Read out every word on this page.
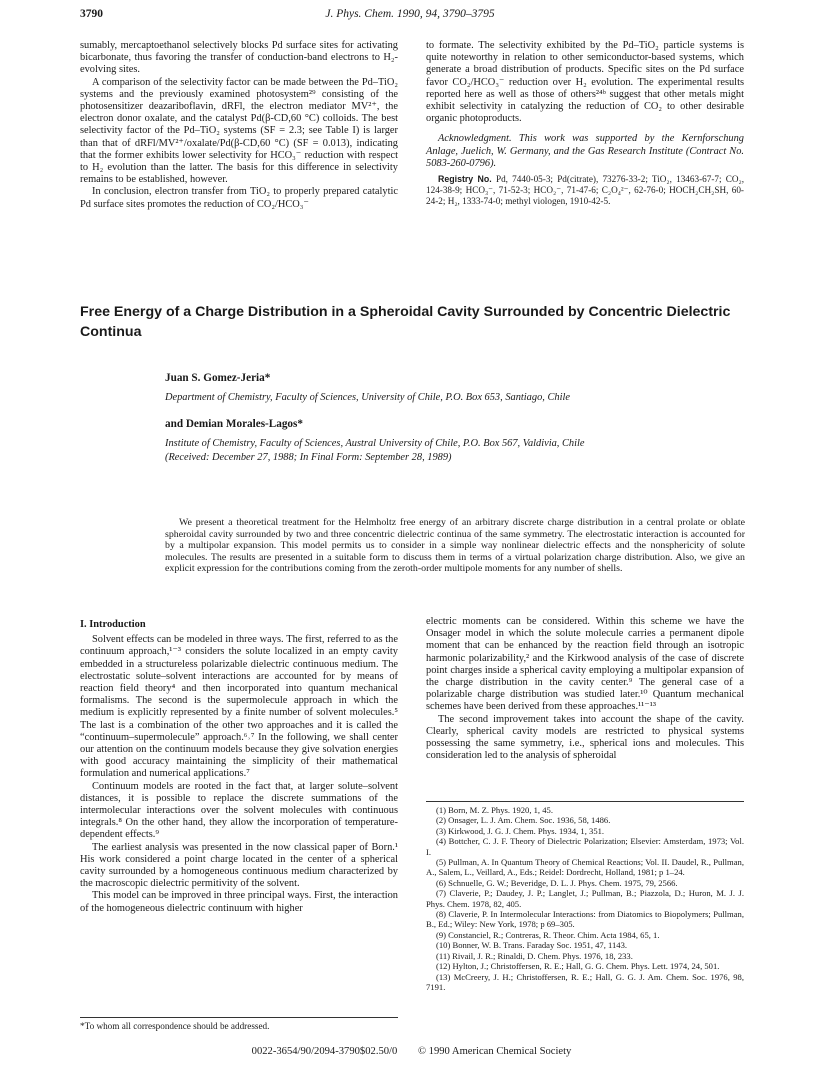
3790	J. Phys. Chem. 1990, 94, 3790–3795

sumably, mercaptoethanol selectively blocks Pd surface sites for activating bicarbonate, thus favoring the transfer of conduction-band electrons to H₂-evolving sites.

A comparison of the selectivity factor can be made between the Pd–TiO₂ systems and the previously examined photosystem²⁹ consisting of the photosensitizer deazariboflavin, dRFl, the electron mediator MV²⁺, the electron donor oxalate, and the catalyst Pd(β-CD,60 °C) colloids. The best selectivity factor of the Pd–TiO₂ systems (SF = 2.3; see Table I) is larger than that of dRFl/MV²⁺/oxalate/Pd(β-CD,60 °C) (SF = 0.013), indicating that the former exhibits lower selectivity for HCO₃⁻ reduction with respect to H₂ evolution than the latter. The basis for this difference in selectivity remains to be established, however.

In conclusion, electron transfer from TiO₂ to properly prepared catalytic Pd surface sites promotes the reduction of CO₂/HCO₃⁻

to formate. The selectivity exhibited by the Pd–TiO₂ particle systems is quite noteworthy in relation to other semiconductor-based systems, which generate a broad distribution of products. Specific sites on the Pd surface favor CO₂/HCO₃⁻ reduction over H₂ evolution. The experimental results reported here as well as those of others²⁴ᵇ suggest that other metals might exhibit selectivity in catalyzing the reduction of CO₂ to other desirable organic photoproducts.

Acknowledgment. This work was supported by the Kernforschung Anlage, Juelich, W. Germany, and the Gas Research Institute (Contract No. 5083-260-0796).

Registry No. Pd, 7440-05-3; Pd(citrate), 73276-33-2; TiO₂, 13463-67-7; CO₂, 124-38-9; HCO₃⁻, 71-52-3; HCO₂⁻, 71-47-6; C₂O₄²⁻, 62-76-0; HOCH₂CH₂SH, 60-24-2; H₂, 1333-74-0; methyl viologen, 1910-42-5.
Free Energy of a Charge Distribution in a Spheroidal Cavity Surrounded by Concentric Dielectric Continua
Juan S. Gomez-Jeria*
Department of Chemistry, Faculty of Sciences, University of Chile, P.O. Box 653, Santiago, Chile
and Demian Morales-Lagos*
Institute of Chemistry, Faculty of Sciences, Austral University of Chile, P.O. Box 567, Valdivia, Chile
(Received: December 27, 1988; In Final Form: September 28, 1989)

We present a theoretical treatment for the Helmholtz free energy of an arbitrary discrete charge distribution in a central prolate or oblate spheroidal cavity surrounded by two and three concentric dielectric continua of the same symmetry. The electrostatic interaction is accounted for by a multipolar expansion. This model permits us to consider in a simple way nonlinear dielectric effects and the nonsphericity of solute molecules. The results are presented in a suitable form to discuss them in terms of a virtual polarization charge distribution. Also, we give an explicit expression for the contributions coming from the zeroth-order multipole moments for any number of shells.

I. Introduction

Solvent effects can be modeled in three ways. The first, referred to as the continuum approach,¹⁻³ considers the solute localized in an empty cavity embedded in a structureless polarizable dielectric continuous medium. The electrostatic solute–solvent interactions are accounted for by means of reaction field theory⁴ and then incorporated into quantum mechanical formalisms. The second is the supermolecule approach in which the medium is explicitly represented by a finite number of solvent molecules.⁵ The last is a combination of the other two approaches and it is called the “continuum–supermolecule” approach.⁶˒⁷ In the following, we shall center our attention on the continuum models because they give solvation energies with good accuracy maintaining the simplicity of their mathematical formulation and numerical applications.⁷

Continuum models are rooted in the fact that, at larger solute–solvent distances, it is possible to replace the discrete summations of the intermolecular interactions over the solvent molecules with continuous integrals.⁸ On the other hand, they allow the incorporation of temperature-dependent effects.⁹

The earliest analysis was presented in the now classical paper of Born.¹ His work considered a point charge located in the center of a spherical cavity surrounded by a homogeneous continuous medium characterized by the macroscopic dielectric permitivity of the solvent.

This model can be improved in three principal ways. First, the interaction of the homogeneous dielectric continuum with higher

electric moments can be considered. Within this scheme we have the Onsager model in which the solute molecule carries a permanent dipole moment that can be enhanced by the reaction field through an isotropic harmonic polarizability,² and the Kirkwood analysis of the case of discrete point charges inside a spherical cavity employing a multipolar expansion of the charge distribution in the cavity center.⁹ The general case of a polarizable charge distribution was studied later.¹⁰ Quantum mechanical schemes have been derived from these approaches.¹¹⁻¹³

The second improvement takes into account the shape of the cavity. Clearly, spherical cavity models are restricted to physical systems possessing the same symmetry, i.e., spherical ions and molecules. This consideration led to the analysis of spheroidal

(1) Born, M. Z. Phys. 1920, 1, 45.
(2) Onsager, L. J. Am. Chem. Soc. 1936, 58, 1486.
(3) Kirkwood, J. G. J. Chem. Phys. 1934, 1, 351.
(4) Bottcher, C. J. F. Theory of Dielectric Polarization; Elsevier: Amsterdam, 1973; Vol. I.
(5) Pullman, A. In Quantum Theory of Chemical Reactions; Vol. II. Daudel, R., Pullman, A., Salem, L., Veillard, A., Eds.; Reidel: Dordrecht, Holland, 1981; p 1–24.
(6) Schnuelle, G. W.; Beveridge, D. L. J. Phys. Chem. 1975, 79, 2566.
(7) Claverie, P.; Daudey, J. P.; Langlet, J.; Pullman, B.; Piazzola, D.; Huron, M. J. J. Phys. Chem. 1978, 82, 405.
(8) Claverie, P. In Intermolecular Interactions: from Diatomics to Biopolymers; Pullman, B., Ed.; Wiley: New York, 1978; p 69–305.
(9) Constanciel, R.; Contreras, R. Theor. Chim. Acta 1984, 65, 1.
(10) Bonner, W. B. Trans. Faraday Soc. 1951, 47, 1143.
(11) Rivail, J. R.; Rinaldi, D. Chem. Phys. 1976, 18, 233.
(12) Hylton, J.; Christoffersen, R. E.; Hall, G. G. Chem. Phys. Lett. 1974, 24, 501.
(13) McCreery, J. H.; Christoffersen, R. E.; Hall, G. G. J. Am. Chem. Soc. 1976, 98, 7191.
*To whom all correspondence should be addressed.
0022-3654/90/2094-3790$02.50/0 © 1990 American Chemical Society
